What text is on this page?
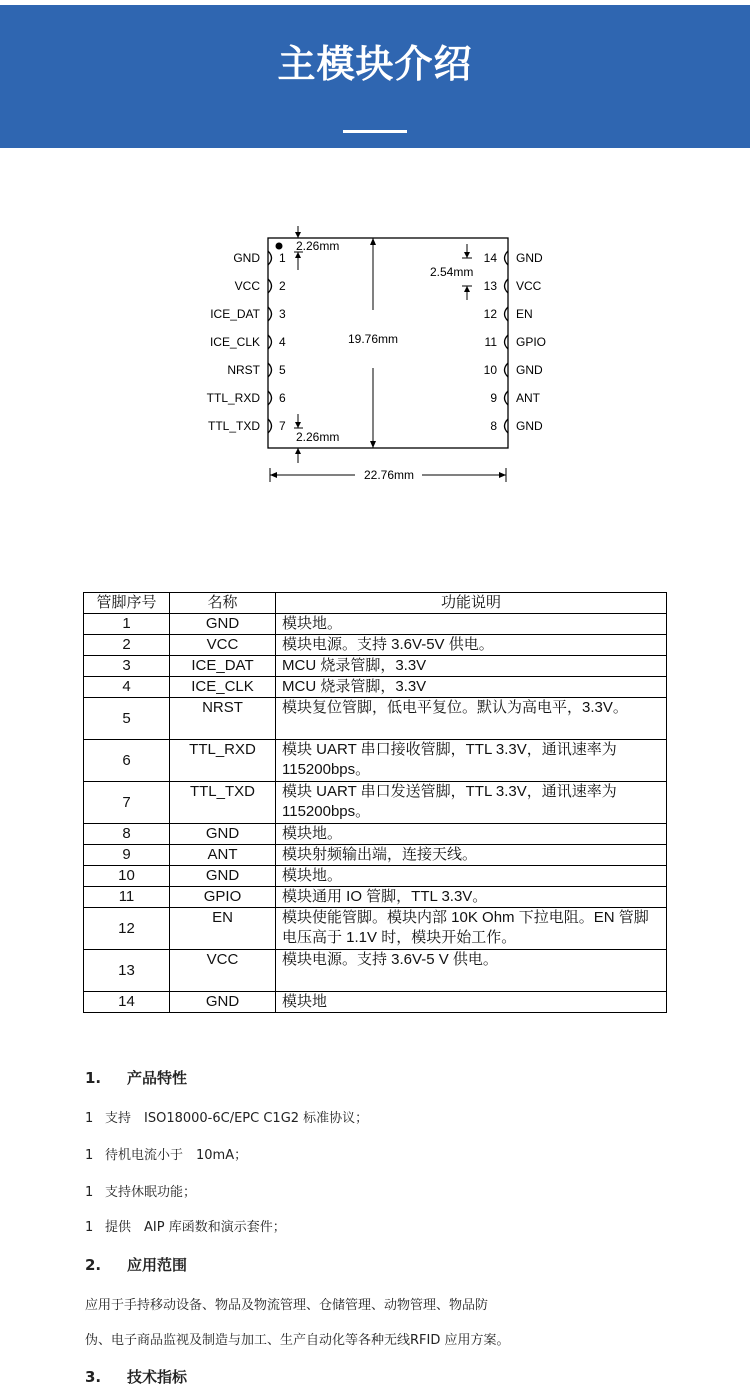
主模块介绍
GND 1
VCC 2
ICE_DAT 3
ICE_CLK 4
NRST 5
TTL_RXD 6
TTL_TXD 7
GND
14
VCC
13
EN
12
GPIO
11
GND
10
ANT
9
GND
8
2.26mm
2.54mm
19.76mm
2.26mm
22.76mm
管脚序号	名称	功能说明
1	GND	模块地。
2	VCC	模块电源。支持 3.6V-5V 供电。
3	ICE_DAT	MCU 烧录管脚，3.3V
4	ICE_CLK	MCU 烧录管脚，3.3V
5	NRST	模块复位管脚，低电平复位。默认为高电平，3.3V。
6	TTL_RXD	模块 UART 串口接收管脚，TTL 3.3V，通讯速率为 115200bps。
7	TTL_TXD	模块 UART 串口发送管脚，TTL 3.3V，通讯速率为 115200bps。
8	GND	模块地。
9	ANT	模块射频输出端，连接天线。
10	GND	模块地。
11	GPIO	模块通用 IO 管脚，TTL 3.3V。
12	EN	模块使能管脚。模块内部 10K Ohm 下拉电阻。EN 管脚电压高于 1.1V 时，模块开始工作。
13	VCC	模块电源。支持 3.6V-5 V 供电。
14	GND	模块地
1. 产品特性
1 支持　ISO18000-6C/EPC C1G2 标准协议；
1 待机电流小于　10mA；
1 支持休眠功能；
1 提供　AIP 库函数和演示套件；
2. 应用范围
应用于手持移动设备、物品及物流管理、仓储管理、动物管理、物品防
伪、电子商品监视及制造与加工、生产自动化等各种无线RFID 应用方案。
3. 技术指标
